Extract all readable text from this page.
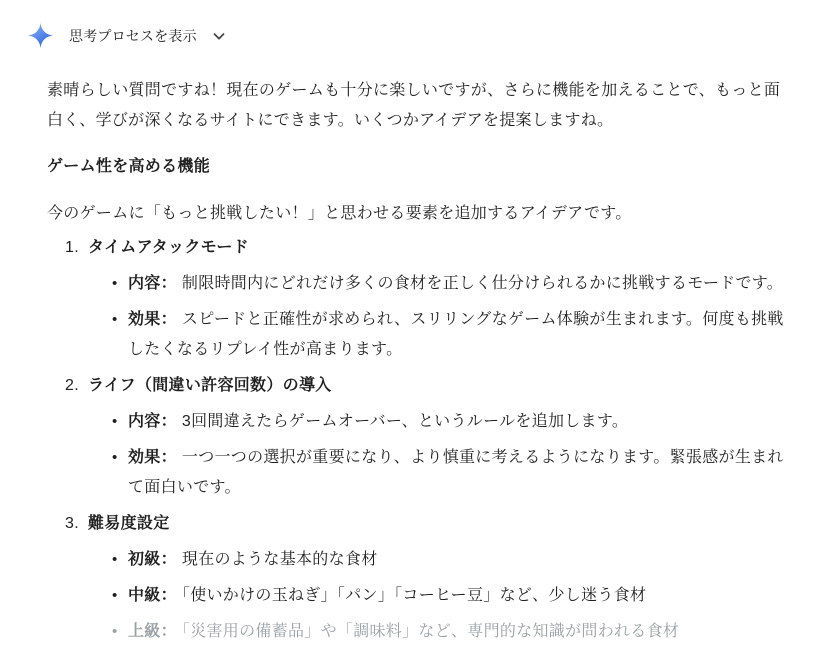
思考プロセスを表示

素晴らしい質問ですね！現在のゲームも十分に楽しいですが、さらに機能を加えることで、もっと面白く、学びが深くなるサイトにできます。いくつかアイデアを提案しますね。

ゲーム性を高める機能

今のゲームに「もっと挑戦したい！」と思わせる要素を追加するアイデアです。

1. タイムアタックモード
• 内容： 制限時間内にどれだけ多くの食材を正しく仕分けられるかに挑戦するモードです。
• 効果： スピードと正確性が求められ、スリリングなゲーム体験が生まれます。何度も挑戦したくなるリプレイ性が高まります。
2. ライフ（間違い許容回数）の導入
• 内容： 3回間違えたらゲームオーバー、というルールを追加します。
• 効果： 一つ一つの選択が重要になり、より慎重に考えるようになります。緊張感が生まれて面白いです。
3. 難易度設定
• 初級： 現在のような基本的な食材
• 中級： 「使いかけの玉ねぎ」「パン」「コーヒー豆」など、少し迷う食材
• 上級： 「災害用の備蓄品」や「調味料」など、専門的な知識が問われる食材
